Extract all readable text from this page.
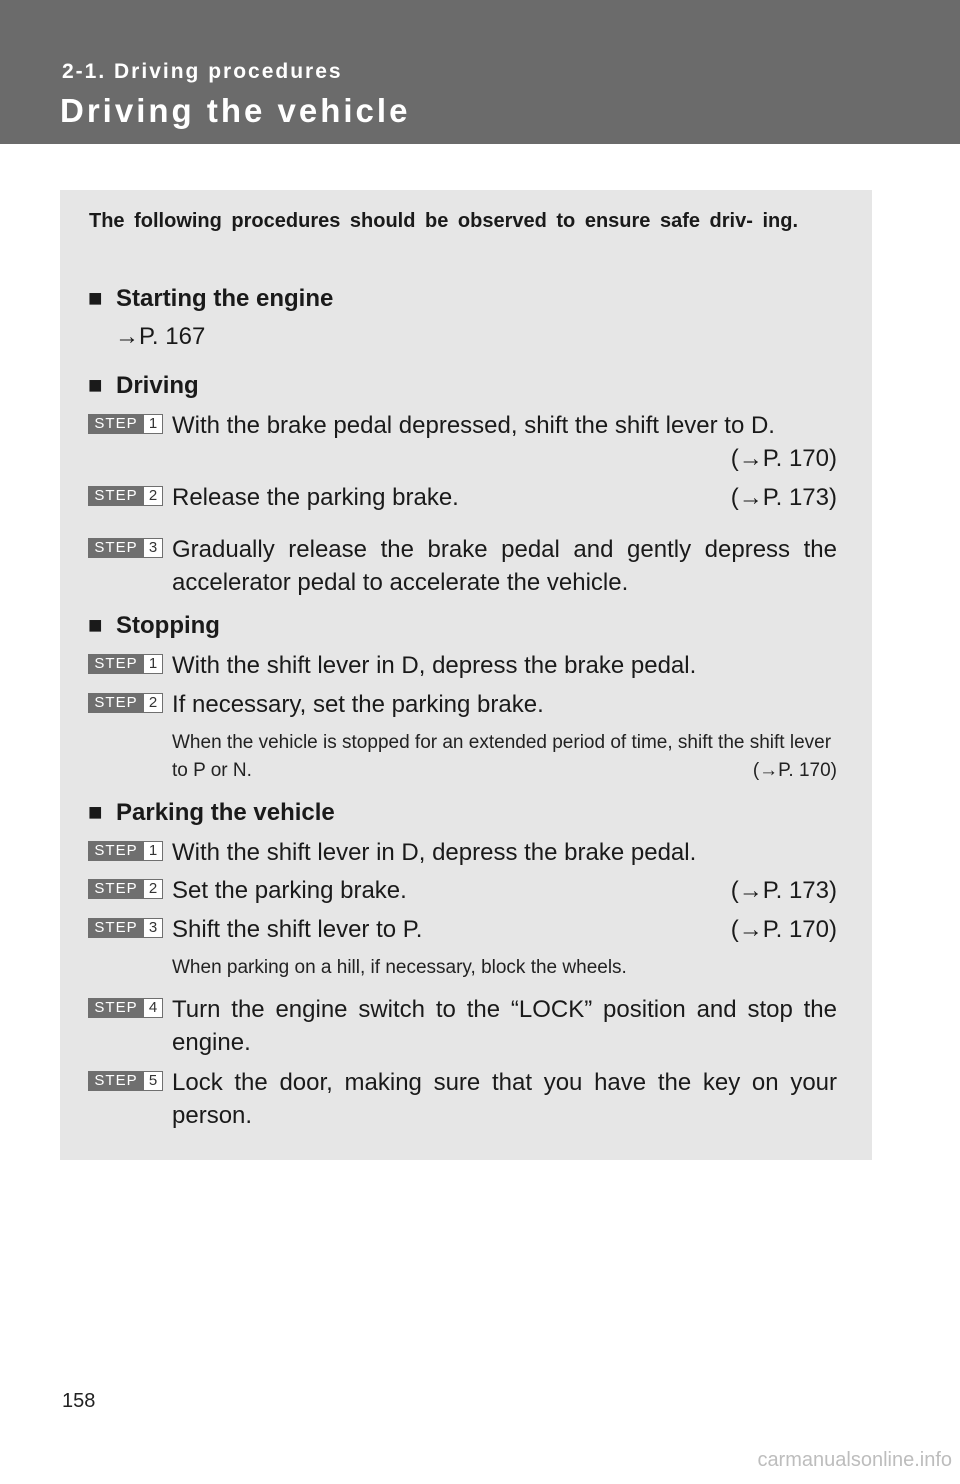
2-1. Driving procedures
Driving the vehicle
The following procedures should be observed to ensure safe driv- ing.
■ Starting the engine
→P. 167
■ Driving
STEP 1 With the brake pedal depressed, shift the shift lever to D.

(→P. 170)

STEP 2	(→P. 173)
Release the parking brake.
STEP 3 Gradually release the brake pedal and gently depress the accelerator pedal to accelerate the vehicle.
■ Stopping
STEP 1 With the shift lever in D, depress the brake pedal.
STEP 2 If necessary, set the parking brake.
When the vehicle is stopped for an extended period of time, shift the shift lever to P or N.	(→P. 170)
■ Parking the vehicle
STEP 1 With the shift lever in D, depress the brake pedal.
STEP 2	(→P. 173)
Set the parking brake.
STEP 3	(→P. 170)
Shift the shift lever to P.
When parking on a hill, if necessary, block the wheels.
STEP 4 Turn the engine switch to the “LOCK” position and stop the engine.
STEP 5 Lock the door, making sure that you have the key on your person.
158
carmanualsonline.info
